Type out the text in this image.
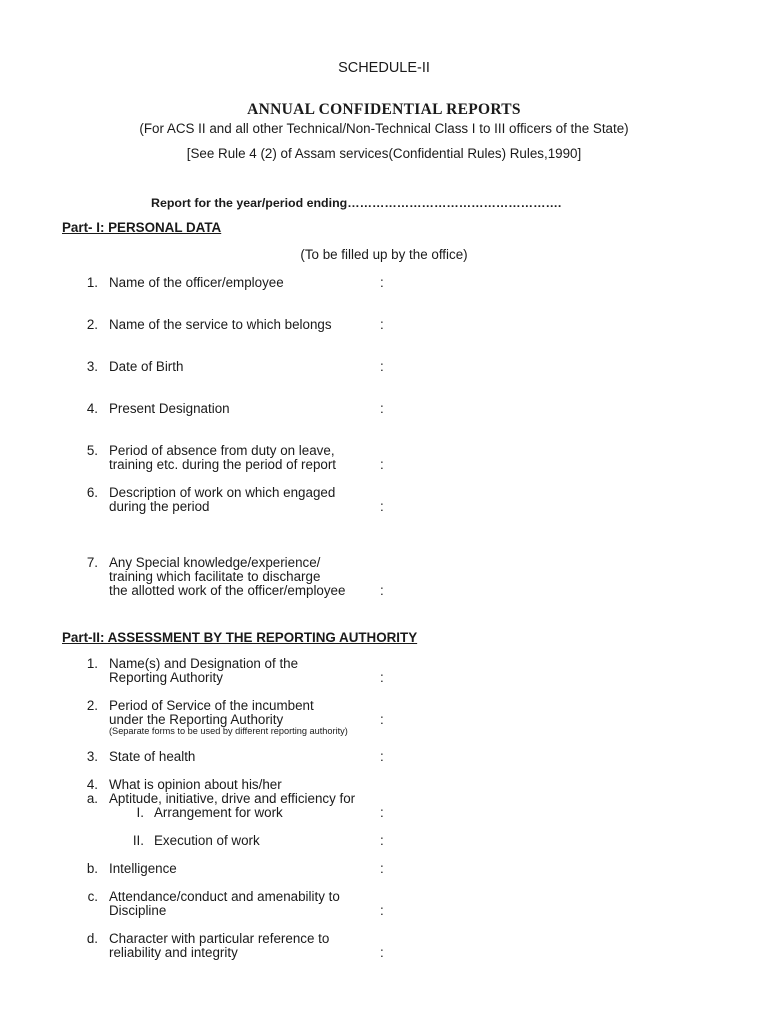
SCHEDULE-II
ANNUAL CONFIDENTIAL REPORTS
(For ACS II and all other Technical/Non-Technical Class I to III officers of the State)
[See Rule 4 (2) of Assam services(Confidential Rules) Rules,1990]
Report for the year/period ending…………………………………………….
Part- I: PERSONAL DATA
(To be filled up by the office)
1. Name of the officer/employee	:
2. Name of the service to which belongs	:
3. Date of Birth	:
4. Present Designation	:
5. Period of absence from duty on leave,
training etc. during the period of report	:
6. Description of work on which engaged
during the period	:
7. Any Special knowledge/experience/
training which facilitate to discharge
the allotted work of the officer/employee	:
Part-II: ASSESSMENT BY THE REPORTING AUTHORITY
1. Name(s) and Designation of the
Reporting Authority	:
2. Period of Service of the incumbent
under the Reporting Authority	:
(Separate forms to be used by different reporting authority)
3. State of health	:
4. What is opinion about his/her
a. Aptitude, initiative, drive and efficiency for
I. Arrangement for work	:
II. Execution of work	:
b. Intelligence	:
c. Attendance/conduct and amenability to
Discipline	:
d. Character with particular reference to
reliability and integrity	:
